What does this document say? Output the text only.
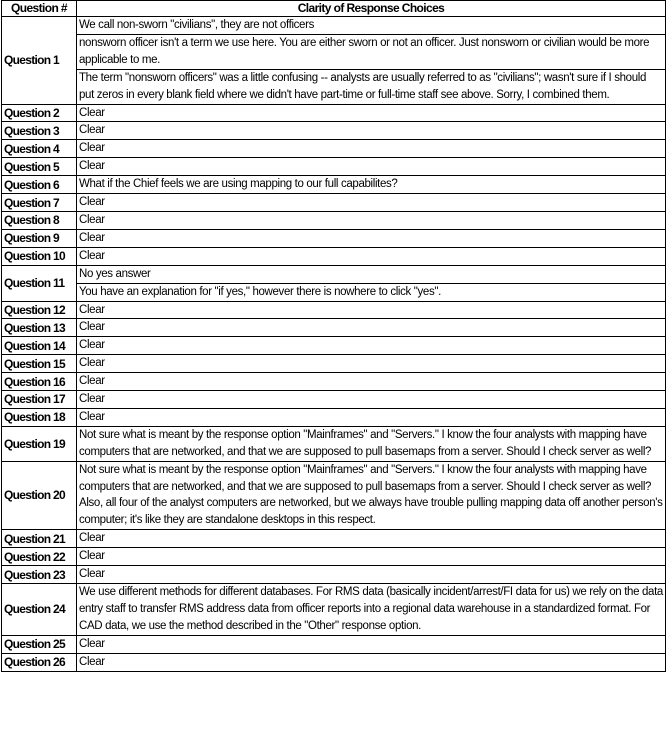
Question #	Clarity of Response Choices
Question 1	We call non-sworn "civilians", they are not officers
	nonsworn officer isn't a term we use here. You are either sworn or not an officer. Just nonsworn or civilian would be more applicable to me.
	The term "nonsworn officers" was a little confusing -- analysts are usually referred to as "civilians"; wasn't sure if I should put zeros in every blank field where we didn't have part-time or full-time staff see above. Sorry, I combined them.
Question 2	Clear
Question 3	Clear
Question 4	Clear
Question 5	Clear
Question 6	What if the Chief feels we are using mapping to our full capabilites?
Question 7	Clear
Question 8	Clear
Question 9	Clear
Question 10	Clear
Question 11	No yes answer
	You have an explanation for "if yes," however there is nowhere to click "yes".
Question 12	Clear
Question 13	Clear
Question 14	Clear
Question 15	Clear
Question 16	Clear
Question 17	Clear
Question 18	Clear
Question 19	Not sure what is meant by the response option "Mainframes" and "Servers." I know the four analysts with mapping have computers that are networked, and that we are supposed to pull basemaps from a server. Should I check server as well?
Question 20	Not sure what is meant by the response option "Mainframes" and "Servers." I know the four analysts with mapping have computers that are networked, and that we are supposed to pull basemaps from a server. Should I check server as well? Also, all four of the analyst computers are networked, but we always have trouble pulling mapping data off another person's computer; it's like they are standalone desktops in this respect.
Question 21	Clear
Question 22	Clear
Question 23	Clear
Question 24	We use different methods for different databases. For RMS data (basically incident/arrest/FI data for us) we rely on the data entry staff to transfer RMS address data from officer reports into a regional data warehouse in a standardized format. For CAD data, we use the method described in the "Other" response option.
Question 25	Clear
Question 26	Clear
